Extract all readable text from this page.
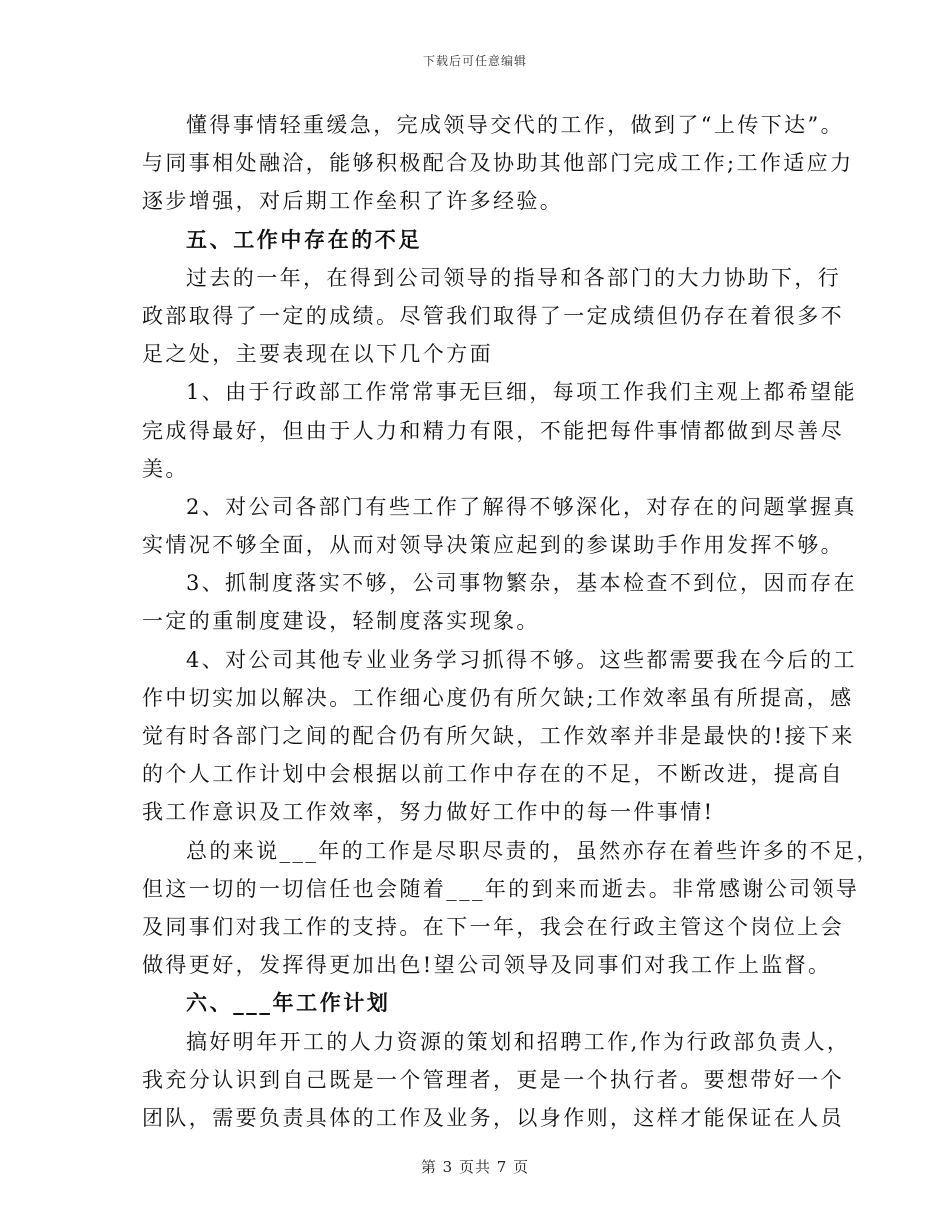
下载后可任意编辑
懂得事情轻重缓急，完成领导交代的工作，做到了“上传下达”。
与同事相处融洽，能够积极配合及协助其他部门完成工作;工作适应力
逐步增强，对后期工作垒积了许多经验。
五、工作中存在的不足
过去的一年，在得到公司领导的指导和各部门的大力协助下，行
政部取得了一定的成绩。尽管我们取得了一定成绩但仍存在着很多不
足之处，主要表现在以下几个方面
1、由于行政部工作常常事无巨细，每项工作我们主观上都希望能
完成得最好，但由于人力和精力有限，不能把每件事情都做到尽善尽
美。
2、对公司各部门有些工作了解得不够深化，对存在的问题掌握真
实情况不够全面，从而对领导决策应起到的参谋助手作用发挥不够。
3、抓制度落实不够，公司事物繁杂，基本检查不到位，因而存在
一定的重制度建设，轻制度落实现象。
4、对公司其他专业业务学习抓得不够。这些都需要我在今后的工
作中切实加以解决。工作细心度仍有所欠缺;工作效率虽有所提高，感
觉有时各部门之间的配合仍有所欠缺，工作效率并非是最快的!接下来
的个人工作计划中会根据以前工作中存在的不足，不断改进，提高自
我工作意识及工作效率，努力做好工作中的每一件事情!
总的来说___年的工作是尽职尽责的，虽然亦存在着些许多的不足，
但这一切的一切信任也会随着___年的到来而逝去。非常感谢公司领导
及同事们对我工作的支持。在下一年，我会在行政主管这个岗位上会
做得更好，发挥得更加出色!望公司领导及同事们对我工作上监督。
六、___年工作计划
搞好明年开工的人力资源的策划和招聘工作,作为行政部负责人，
我充分认识到自己既是一个管理者，更是一个执行者。要想带好一个
团队，需要负责具体的工作及业务，以身作则，这样才能保证在人员
第 3 页共 7 页
